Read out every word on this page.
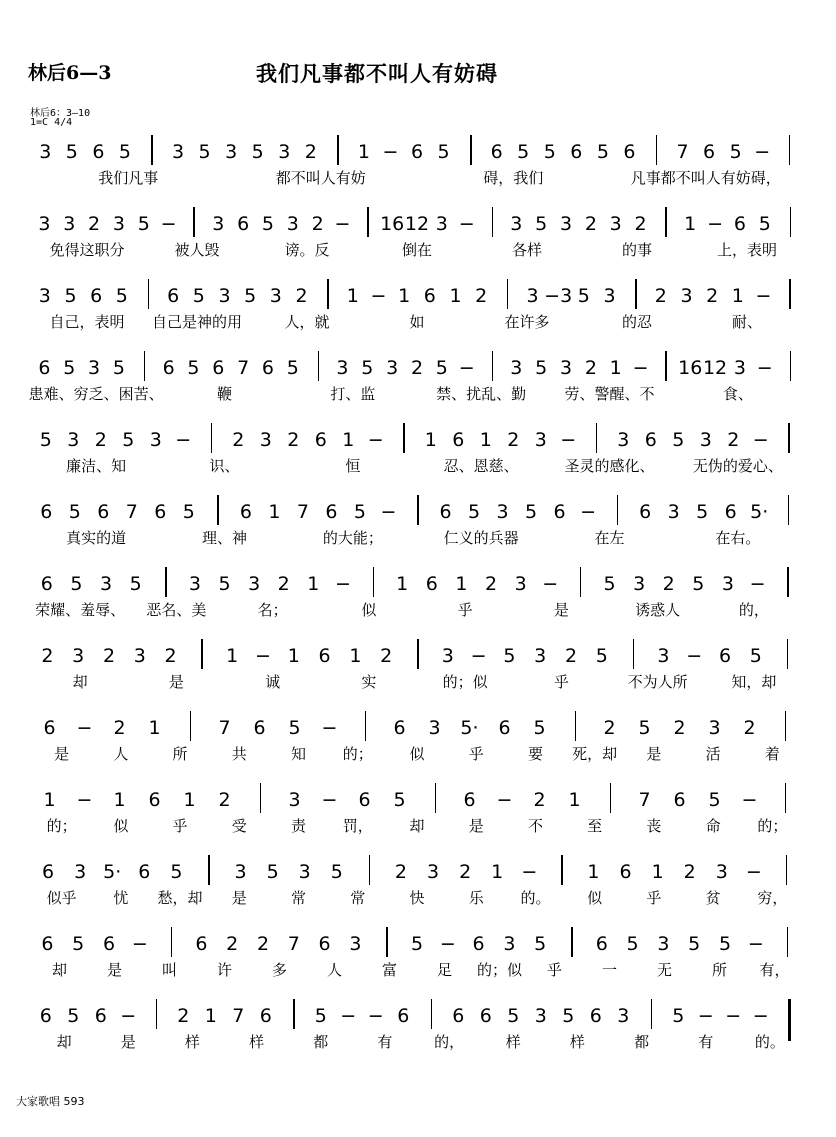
林后6—3	我们凡事都不叫人有妨碍
林后6：3—10
1=C 4/4
3 5 6 5 3 5 3 5 3 2 1 − 6 5 6 5 5 6 5 6 7 6 5 −
我们凡事	都不叫人有妨	碍，我们	凡事都不叫人有妨碍，
3 3 2 3 5 − 3 6 5 3 2 − 16 12 3 − 3 5 3 2 3 2 1 − 6 5
免得这职分	被人毁	谤。反	倒在	各样	的事	上，表明
3 5 6 5 6 5 3 5 3 2 1 − 1 6 1 2 3 −3 5 3 2 3 2 1 −
自己，表明 自己是神的用	人，就	如	在许多	的忍	耐、
6 5 3 5 6 5 6 7 6 5 3 5 3 2 5 − 3 5 3 2 1 − 16 12 3 −
患难、穷乏、困苦、	鞭	打、监	禁、扰乱、勤	劳、警醒、不	食、
5 3 2 5 3 − 2 3 2 6 1 − 1 6 1 2 3 − 3 6 5 3 2 −
廉洁、知	识、	恒	忍、恩慈、	圣灵的感化、	无伪的爱心、
6 5 6 7 6 5 6 1 7 6 5 − 6 5 3 5 6 − 6 3 5 6 5·
真实的道	理、神	的大能；	仁义的兵器	在左	在右。
6 5 3 5 3 5 3 2 1 − 1 6 1 2 3 − 5 3 2 5 3 −
荣耀、羞辱、 恶名、美	名；	似	乎	是	诱惑人	的，
2 3 2 3 2	1 − 1 6 1 2	3 − 5 3 2 5	3 − 6 5
却	是	诚	实	的；似	乎	不为人所	知，却
6 − 2 1	7 6 5 −	6 3 5· 6 5	2 5 2 3 2
是	人	所	共	知 的； 似	乎	要 死，却 是	活	着
1 − 1 6 1 2	3 − 6 5	6 − 2 1	7 6 5 −
的； 似	乎	受	责 罚， 却	是	不	至	丧	命 的；
6 3 5· 6 5	3 5 3 5	2 3 2 1 −	1 6 1 2 3 −
似乎 忧 愁，却 是	常	常	快	乐 的。 似	乎	贫 穷，
6 5 6 −	6 2 2 7 6 3	5 − 6 3 5	6 5 3 5 5 −
却	是	叫	许	多	人	富	足 的；似 乎	一	无	所 有，
6 5 6 − 2 1 7 6 5 − − 6 6 6 5 3 5 6 3 5 − − −
却	是	样	样	都	有	的，	样	样	都	有	的。
大家歌唱 593
